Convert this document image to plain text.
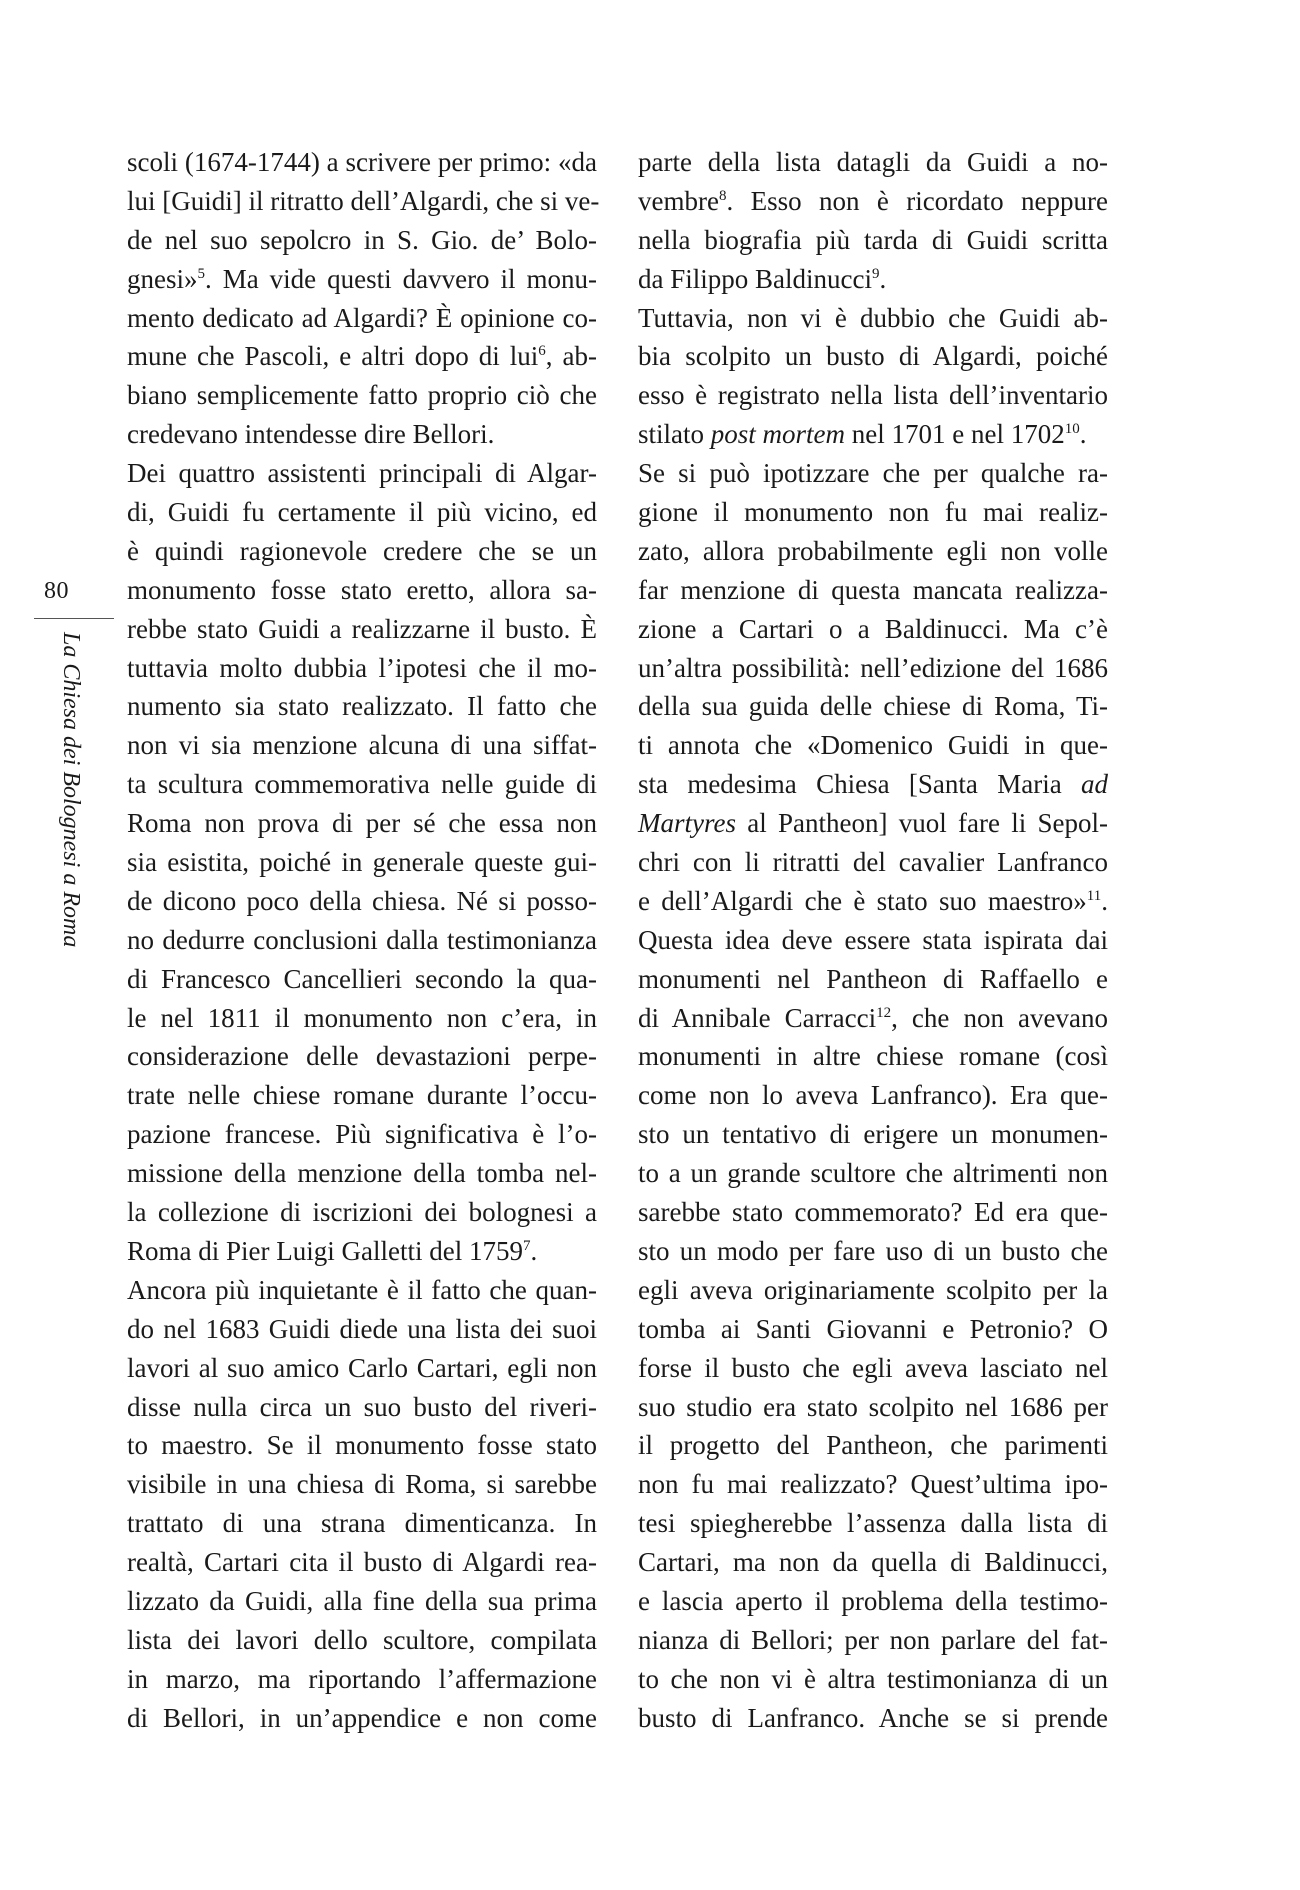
80
La Chiesa dei Bolognesi a Roma
scoli (1674-1744) a scrivere per primo: «da
lui [Guidi] il ritratto dell’Algardi, che si ve-
de nel suo sepolcro in S. Gio. de’ Bolo-
gnesi»$^5$. Ma vide questi davvero il monu-
mento dedicato ad Algardi? È opinione co-
mune che Pascoli, e altri dopo di lui$^6$, ab-
biano semplicemente fatto proprio ciò che
credevano intendesse dire Bellori.
Dei quattro assistenti principali di Algar-
di, Guidi fu certamente il più vicino, ed
è quindi ragionevole credere che se un
monumento fosse stato eretto, allora sa-
rebbe stato Guidi a realizzarne il busto. È
tuttavia molto dubbia l’ipotesi che il mo-
numento sia stato realizzato. Il fatto che
non vi sia menzione alcuna di una siffat-
ta scultura commemorativa nelle guide di
Roma non prova di per sé che essa non
sia esistita, poiché in generale queste gui-
de dicono poco della chiesa. Né si posso-
no dedurre conclusioni dalla testimonianza
di Francesco Cancellieri secondo la qua-
le nel 1811 il monumento non c’era, in
considerazione delle devastazioni perpe-
trate nelle chiese romane durante l’occu-
pazione francese. Più significativa è l’o-
missione della menzione della tomba nel-
la collezione di iscrizioni dei bolognesi a
Roma di Pier Luigi Galletti del 1759$^7$.
Ancora più inquietante è il fatto che quan-
do nel 1683 Guidi diede una lista dei suoi
lavori al suo amico Carlo Cartari, egli non
disse nulla circa un suo busto del riveri-
to maestro. Se il monumento fosse stato
visibile in una chiesa di Roma, si sarebbe
trattato di una strana dimenticanza. In
realtà, Cartari cita il busto di Algardi rea-
lizzato da Guidi, alla fine della sua prima
lista dei lavori dello scultore, compilata
in marzo, ma riportando l’affermazione
di Bellori, in un’appendice e non come
parte della lista datagli da Guidi a no-
vembre$^8$. Esso non è ricordato neppure
nella biografia più tarda di Guidi scritta
da Filippo Baldinucci$^9$.
Tuttavia, non vi è dubbio che Guidi ab-
bia scolpito un busto di Algardi, poiché
esso è registrato nella lista dell’inventario
stilato post mortem nel 1701 e nel 1702$^{10}$.
Se si può ipotizzare che per qualche ra-
gione il monumento non fu mai realiz-
zato, allora probabilmente egli non volle
far menzione di questa mancata realizza-
zione a Cartari o a Baldinucci. Ma c’è
un’altra possibilità: nell’edizione del 1686
della sua guida delle chiese di Roma, Ti-
ti annota che «Domenico Guidi in que-
sta medesima Chiesa [Santa Maria ad
Martyres al Pantheon] vuol fare li Sepol-
chri con li ritratti del cavalier Lanfranco
e dell’Algardi che è stato suo maestro»$^{11}$.
Questa idea deve essere stata ispirata dai
monumenti nel Pantheon di Raffaello e
di Annibale Carracci$^{12}$, che non avevano
monumenti in altre chiese romane (così
come non lo aveva Lanfranco). Era que-
sto un tentativo di erigere un monumen-
to a un grande scultore che altrimenti non
sarebbe stato commemorato? Ed era que-
sto un modo per fare uso di un busto che
egli aveva originariamente scolpito per la
tomba ai Santi Giovanni e Petronio? O
forse il busto che egli aveva lasciato nel
suo studio era stato scolpito nel 1686 per
il progetto del Pantheon, che parimenti
non fu mai realizzato? Quest’ultima ipo-
tesi spiegherebbe l’assenza dalla lista di
Cartari, ma non da quella di Baldinucci,
e lascia aperto il problema della testimo-
nianza di Bellori; per non parlare del fat-
to che non vi è altra testimonianza di un
busto di Lanfranco. Anche se si prende
